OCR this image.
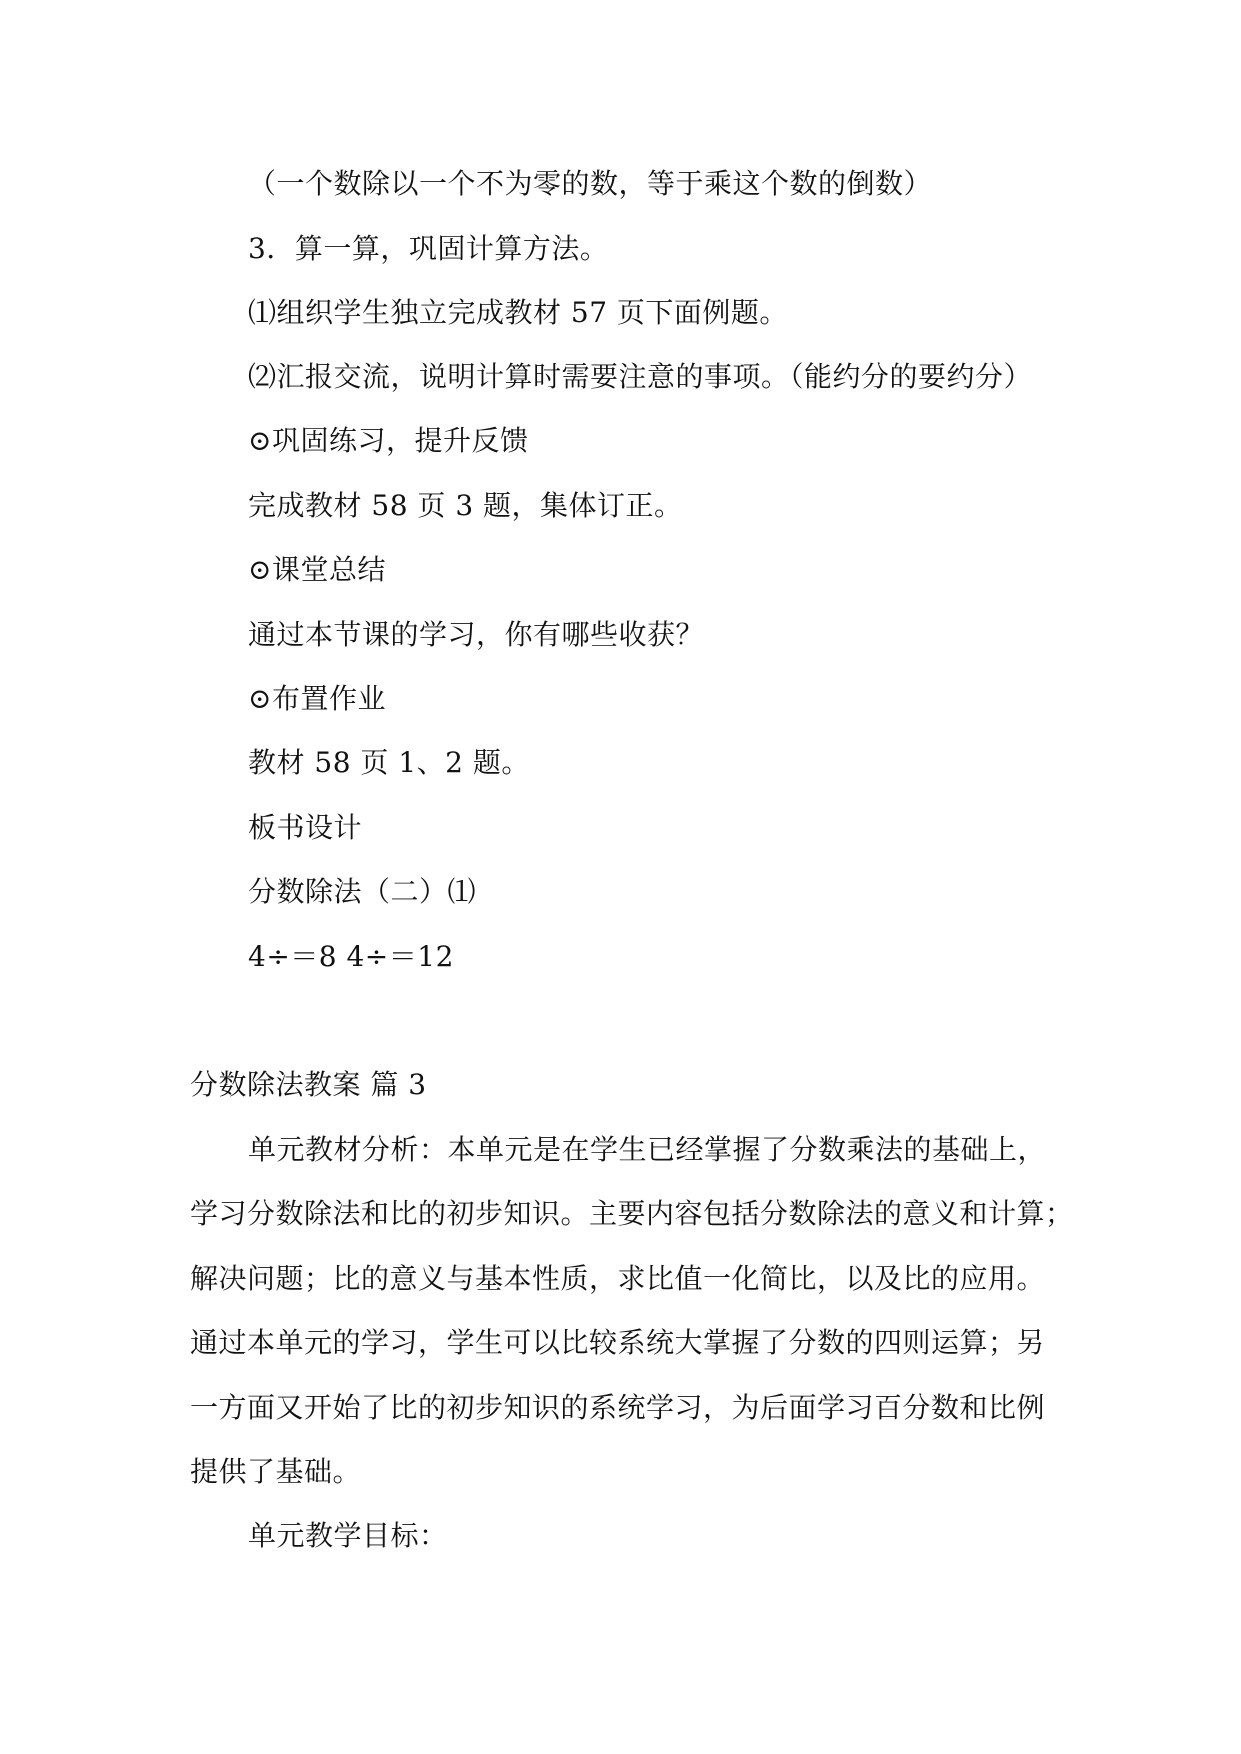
（一个数除以一个不为零的数，等于乘这个数的倒数）
3．算一算，巩固计算方法。
⑴组织学生独立完成教材 57 页下面例题。
⑵汇报交流，说明计算时需要注意的事项。（能约分的要约分）
⊙巩固练习，提升反馈
完成教材 58 页 3 题，集体订正。
⊙课堂总结
通过本节课的学习，你有哪些收获？
⊙布置作业
教材 58 页 1、2 题。
板书设计
分数除法（二）⑴
4÷＝8 4÷＝12
分数除法教案 篇 3
单元教材分析：本单元是在学生已经掌握了分数乘法的基础上，
学习分数除法和比的初步知识。主要内容包括分数除法的意义和计算；
解决问题；比的意义与基本性质，求比值一化简比，以及比的应用。
通过本单元的学习，学生可以比较系统大掌握了分数的四则运算；另
一方面又开始了比的初步知识的系统学习，为后面学习百分数和比例
提供了基础。
单元教学目标：
